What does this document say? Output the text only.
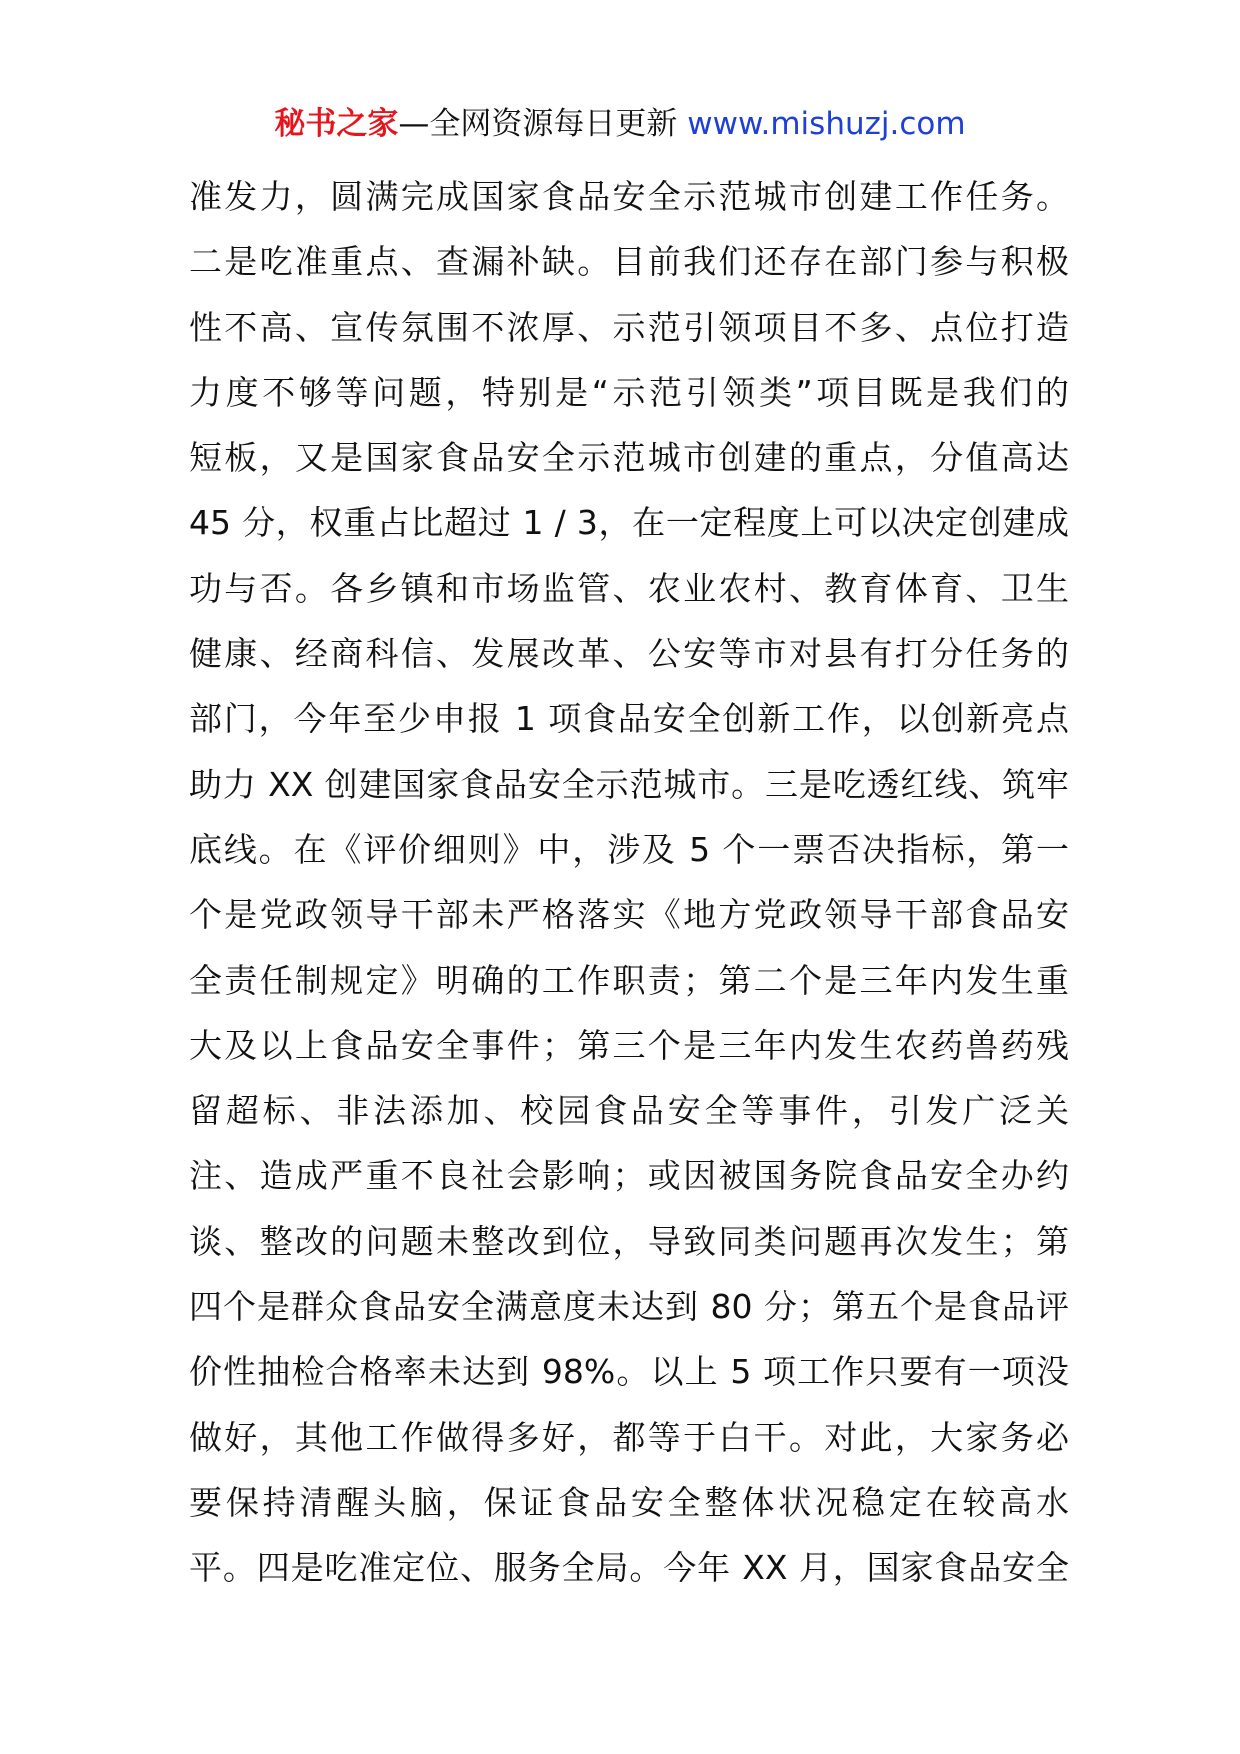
秘书之家—全网资源每日更新 www.mishuzj.com
准发力，圆满完成国家食品安全示范城市创建工作任务。
二是吃准重点、查漏补缺。目前我们还存在部门参与积极
性不高、宣传氛围不浓厚、示范引领项目不多、点位打造
力度不够等问题，特别是“示范引领类”项目既是我们的
短板，又是国家食品安全示范城市创建的重点，分值高达
45 分，权重占比超过 1 / 3，在一定程度上可以决定创建成
功与否。各乡镇和市场监管、农业农村、教育体育、卫生
健康、经商科信、发展改革、公安等市对县有打分任务的
部门，今年至少申报 1 项食品安全创新工作，以创新亮点
助力 XX 创建国家食品安全示范城市。三是吃透红线、筑牢
底线。在《评价细则》中，涉及 5 个一票否决指标，第一
个是党政领导干部未严格落实《地方党政领导干部食品安
全责任制规定》明确的工作职责；第二个是三年内发生重
大及以上食品安全事件；第三个是三年内发生农药兽药残
留超标、非法添加、校园食品安全等事件，引发广泛关
注、造成严重不良社会影响；或因被国务院食品安全办约
谈、整改的问题未整改到位，导致同类问题再次发生；第
四个是群众食品安全满意度未达到 80 分；第五个是食品评
价性抽检合格率未达到 98%。以上 5 项工作只要有一项没
做好，其他工作做得多好，都等于白干。对此，大家务必
要保持清醒头脑，保证食品安全整体状况稳定在较高水
平。四是吃准定位、服务全局。今年 XX 月，国家食品安全
